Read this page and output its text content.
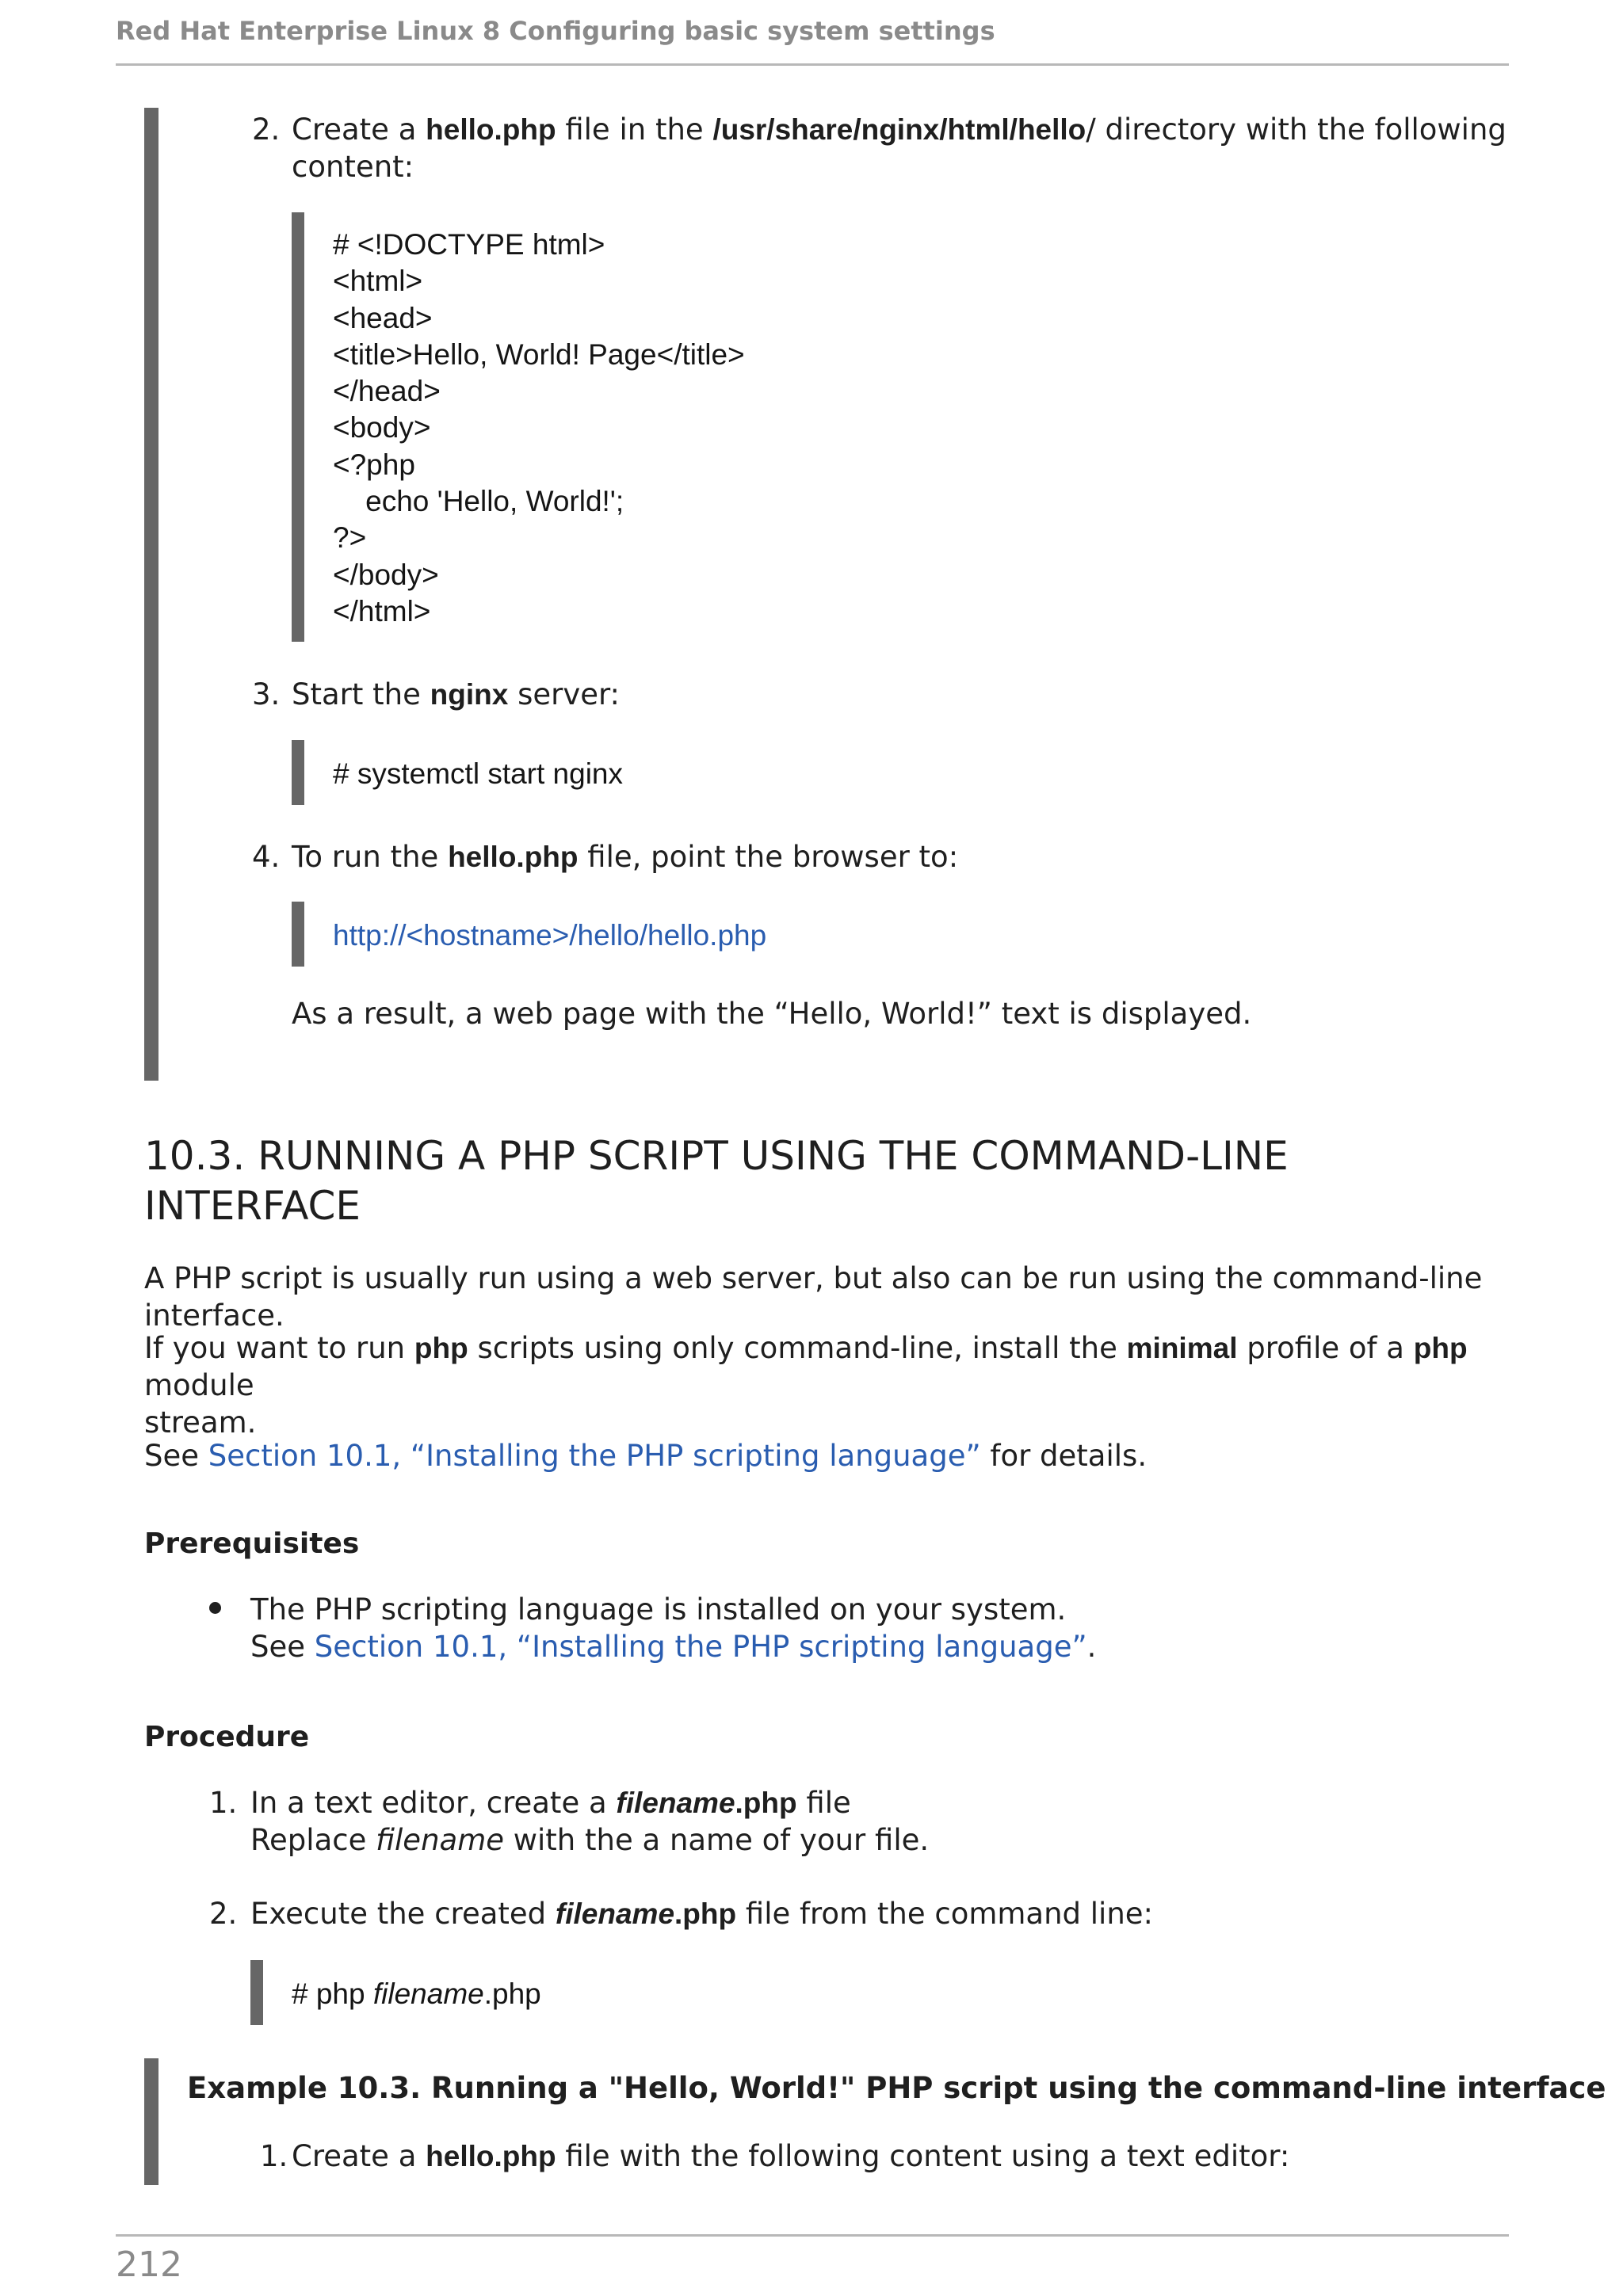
Red Hat Enterprise Linux 8 Configuring basic system settings
2. Create a hello.php file in the /usr/share/nginx/html/hello/ directory with the following
content:
# <!DOCTYPE html>
<html>
<head>
<title>Hello, World! Page</title>
</head>
<body>
<?php
echo 'Hello, World!';
?>
</body>
</html>
3. Start the nginx server:
# systemctl start nginx
4. To run the hello.php file, point the browser to:
http://<hostname>/hello/hello.php
As a result, a web page with the “Hello, World!” text is displayed.
10.3. RUNNING A PHP SCRIPT USING THE COMMAND-LINE
INTERFACE
A PHP script is usually run using a web server, but also can be run using the command-line interface.
If you want to run php scripts using only command-line, install the minimal profile of a php module
stream.
See Section 10.1, “Installing the PHP scripting language” for details.
Prerequisites
The PHP scripting language is installed on your system.
See Section 10.1, “Installing the PHP scripting language”.
Procedure
1. In a text editor, create a filename.php file
Replace filename with the a name of your file.
2. Execute the created filename.php file from the command line:
# php filename.php
Example 10.3. Running a "Hello, World!" PHP script using the command-line interface
1. Create a hello.php file with the following content using a text editor:
212
